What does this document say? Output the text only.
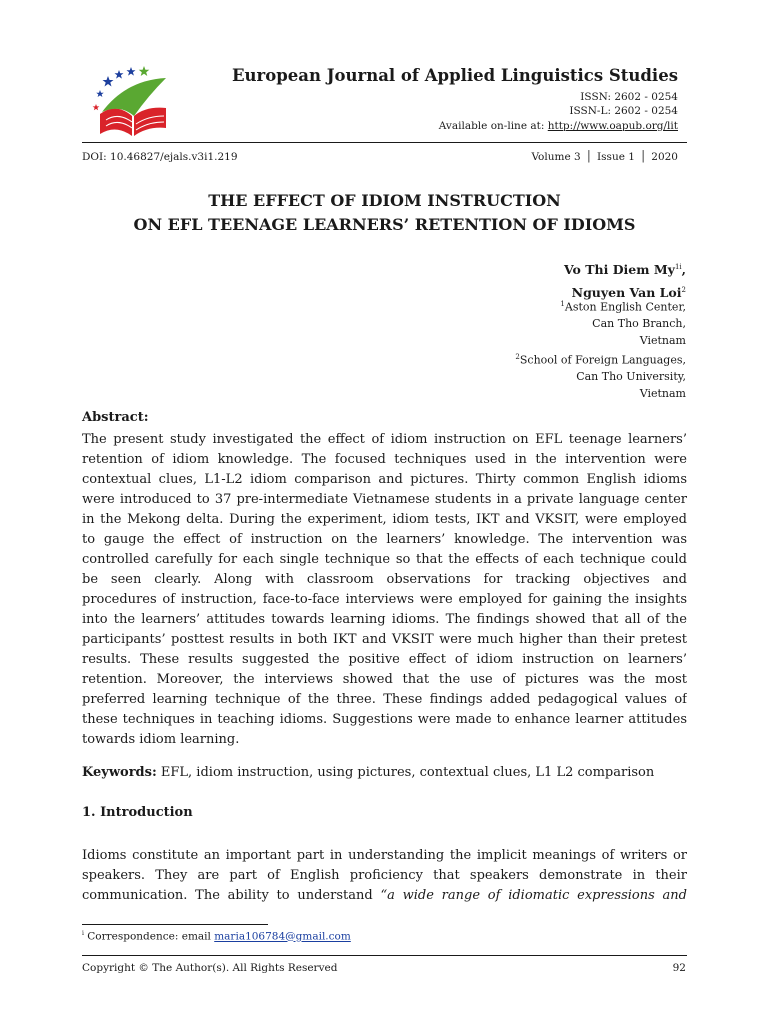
European Journal of Applied Linguistics Studies
ISSN: 2602 - 0254
ISSN-L: 2602 - 0254
Available on-line at: http://www.oapub.org/lit
DOI: 10.46827/ejals.v3i1.219	Volume 3 │ Issue 1 │ 2020
THE EFFECT OF IDIOM INSTRUCTION
ON EFL TEENAGE LEARNERS’ RETENTION OF IDIOMS
Vo Thi Diem $My^{1i}$,
Nguyen Van Loi$^2$
$^1$Aston English Center,
Can Tho Branch,
Vietnam
$^2$School of Foreign Languages,
Can Tho University,
Vietnam
Abstract:
The present study investigated the effect of idiom instruction on EFL teenage learners’
retention of idiom knowledge. The focused techniques used in the intervention were
contextual clues, L1-L2 idiom comparison and pictures. Thirty common English idioms
were introduced to 37 pre-intermediate Vietnamese students in a private language center
in the Mekong delta. During the experiment, idiom tests, IKT and VKSIT, were employed
to gauge the effect of instruction on the learners’ knowledge. The intervention was
controlled carefully for each single technique so that the effects of each technique could
be seen clearly. Along with classroom observations for tracking objectives and
procedures of instruction, face-to-face interviews were employed for gaining the insights
into the learners’ attitudes towards learning idioms. The findings showed that all of the
participants’ posttest results in both IKT and VKSIT were much higher than their pretest
results. These results suggested the positive effect of idiom instruction on learners’
retention. Moreover, the interviews showed that the use of pictures was the most
preferred learning technique of the three. These findings added pedagogical values of
these techniques in teaching idioms. Suggestions were made to enhance learner attitudes
towards idiom learning.
Keywords: EFL, idiom instruction, using pictures, contextual clues, L1 L2 comparison
1. Introduction
Idioms constitute an important part in understanding the implicit meanings of writers or
speakers. They are part of English proficiency that speakers demonstrate in their
communication. The ability to understand “a wide range of idiomatic expressions and
$^i$ Correspondence: email maria106784@gmail.com
Copyright © The Author(s). All Rights Reserved	92
